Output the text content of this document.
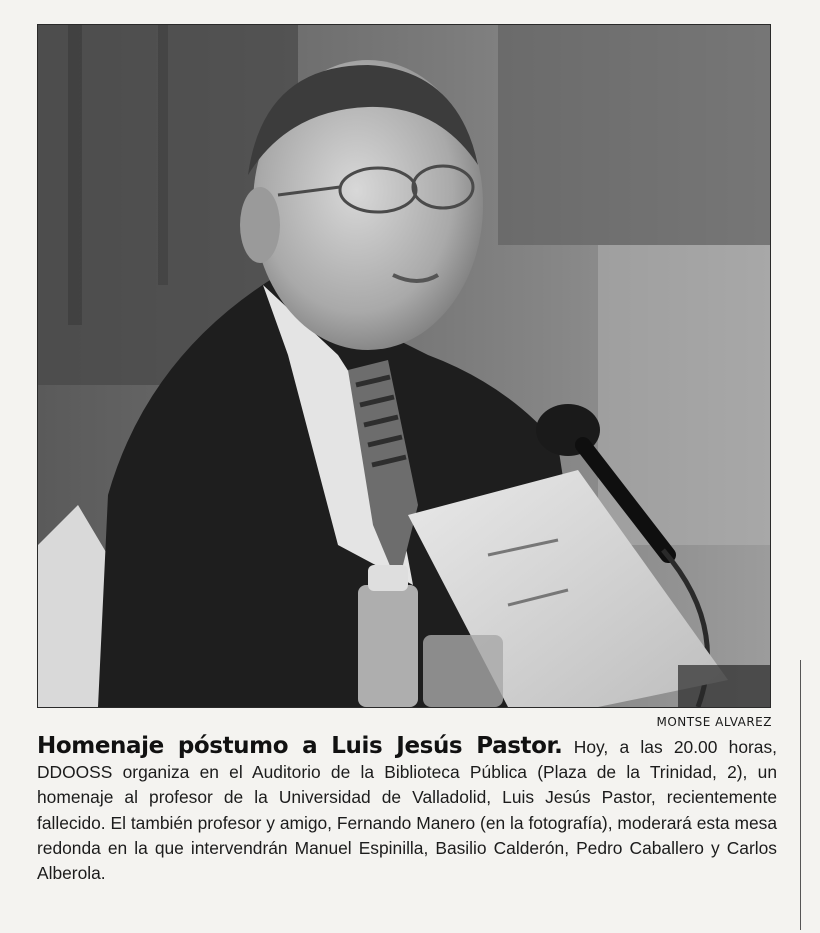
MONTSE ALVAREZ
Homenaje póstumo a Luis Jesús Pastor. Hoy, a las 20.00 horas, DDOOSS organiza en el Auditorio de la Biblioteca Pública (Plaza de la Trinidad, 2), un homenaje al profesor de la Universidad de Valladolid, Luis Jesús Pastor, recientemente fallecido. El también profesor y amigo, Fernando Manero (en la fotografía), moderará esta mesa redonda en la que intervendrán Manuel Espinilla, Basilio Calderón, Pedro Caballero y Carlos Alberola.
